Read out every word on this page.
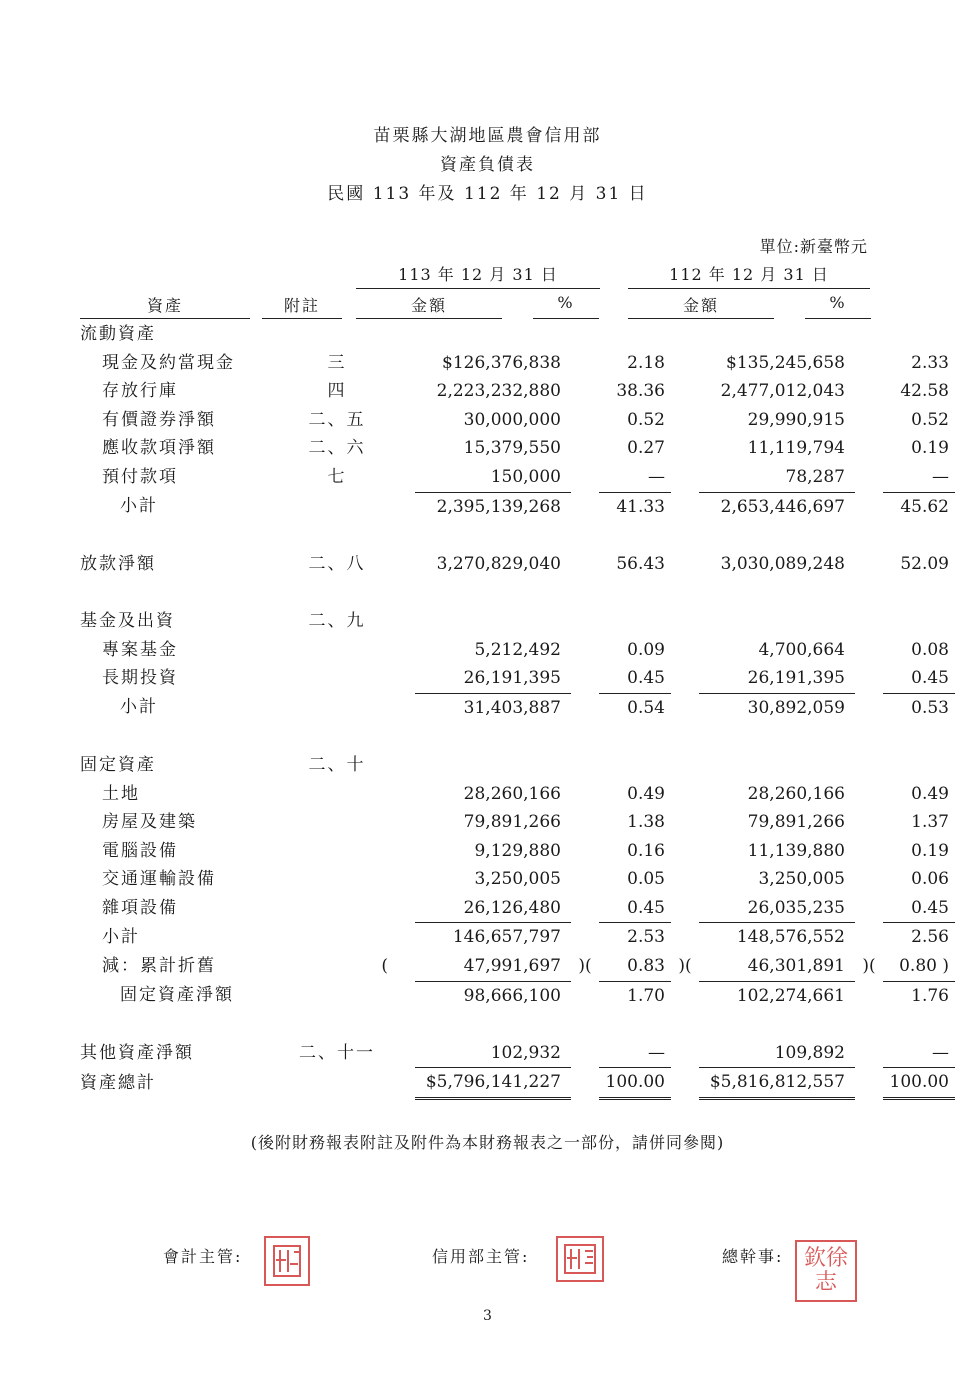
苗栗縣大湖地區農會信用部
資產負債表
民國 113 年及 112 年 12 月 31 日
單位:新臺幣元
113 年 12 月 31 日	112 年 12 月 31 日
資產	附註	金額	%	金額	%
流動資產									
現金及約當現金	三		$126,376,838		2.18		$135,245,658		2.33
存放行庫	四		2,223,232,880		38.36		2,477,012,043		42.58
有價證券淨額	二、五		30,000,000		0.52		29,990,915		0.52
應收款項淨額	二、六		15,379,550		0.27		11,119,794		0.19
預付款項	七		150,000		—		78,287		—
小計			2,395,139,268		41.33		2,653,446,697		45.62

放款淨額	二、八		3,270,829,040		56.43		3,030,089,248		52.09

基金及出資	二、九								
專案基金			5,212,492		0.09		4,700,664		0.08
長期投資			26,191,395		0.45		26,191,395		0.45
小計			31,403,887		0.54		30,892,059		0.53

固定資產	二、十								
土地			28,260,166		0.49		28,260,166		0.49
房屋及建築			79,891,266		1.38		79,891,266		1.37
電腦設備			9,129,880		0.16		11,139,880		0.19
交通運輸設備			3,250,005		0.05		3,250,005		0.06
雜項設備			26,126,480		0.45		26,035,235		0.45
小計			146,657,797		2.53		148,576,552		2.56
減：累計折舊	(		47,991,697	)(	0.83	)(	46,301,891	)(	0.80 )
固定資產淨額			98,666,100		1.70		102,274,661		1.76

其他資產淨額	二、十一		102,932		—		109,892		—
資產總計			$5,796,141,227		100.00		$5,816,812,557		100.00
(後附財務報表附註及附件為本財務報表之一部份，請併同參閱)
會計主管:	信用部主管:	總幹事: 欽徐志
3
